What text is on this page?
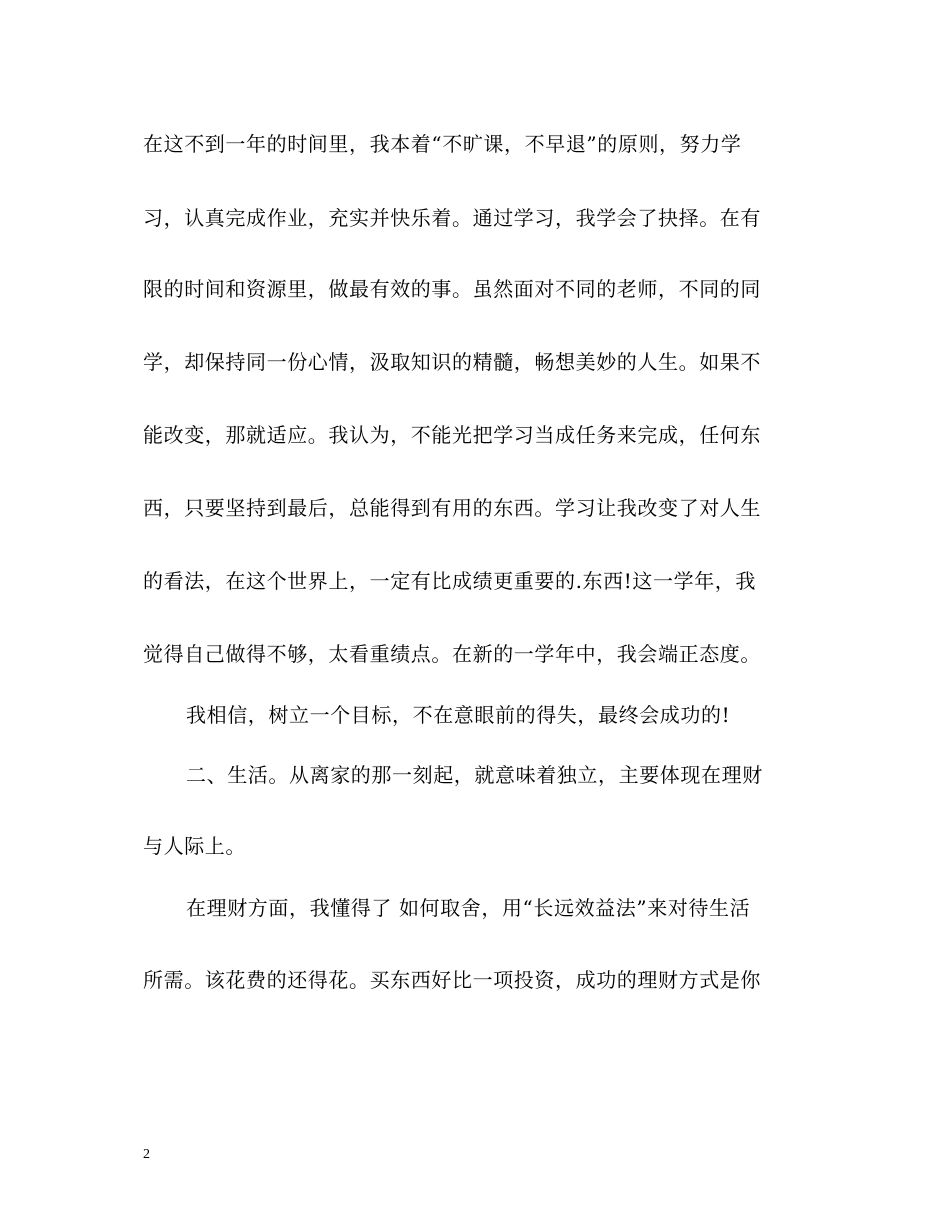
在这不到一年的时间里，我本着“不旷课，不早退”的原则，努力学
习，认真完成作业，充实并快乐着。通过学习，我学会了抉择。在有
限的时间和资源里，做最有效的事。虽然面对不同的老师，不同的同
学，却保持同一份心情，汲取知识的精髓，畅想美妙的人生。如果不
能改变，那就适应。我认为，不能光把学习当成任务来完成，任何东
西，只要坚持到最后，总能得到有用的东西。学习让我改变了对人生
的看法，在这个世界上，一定有比成绩更重要的.东西!这一学年，我
觉得自己做得不够，太看重绩点。在新的一学年中，我会端正态度。
我相信，树立一个目标，不在意眼前的得失，最终会成功的!
二、生活。从离家的那一刻起，就意味着独立，主要体现在理财
与人际上。
在理财方面，我懂得了 如何取舍，用“长远效益法”来对待生活
所需。该花费的还得花。买东西好比一项投资，成功的理财方式是你
2
